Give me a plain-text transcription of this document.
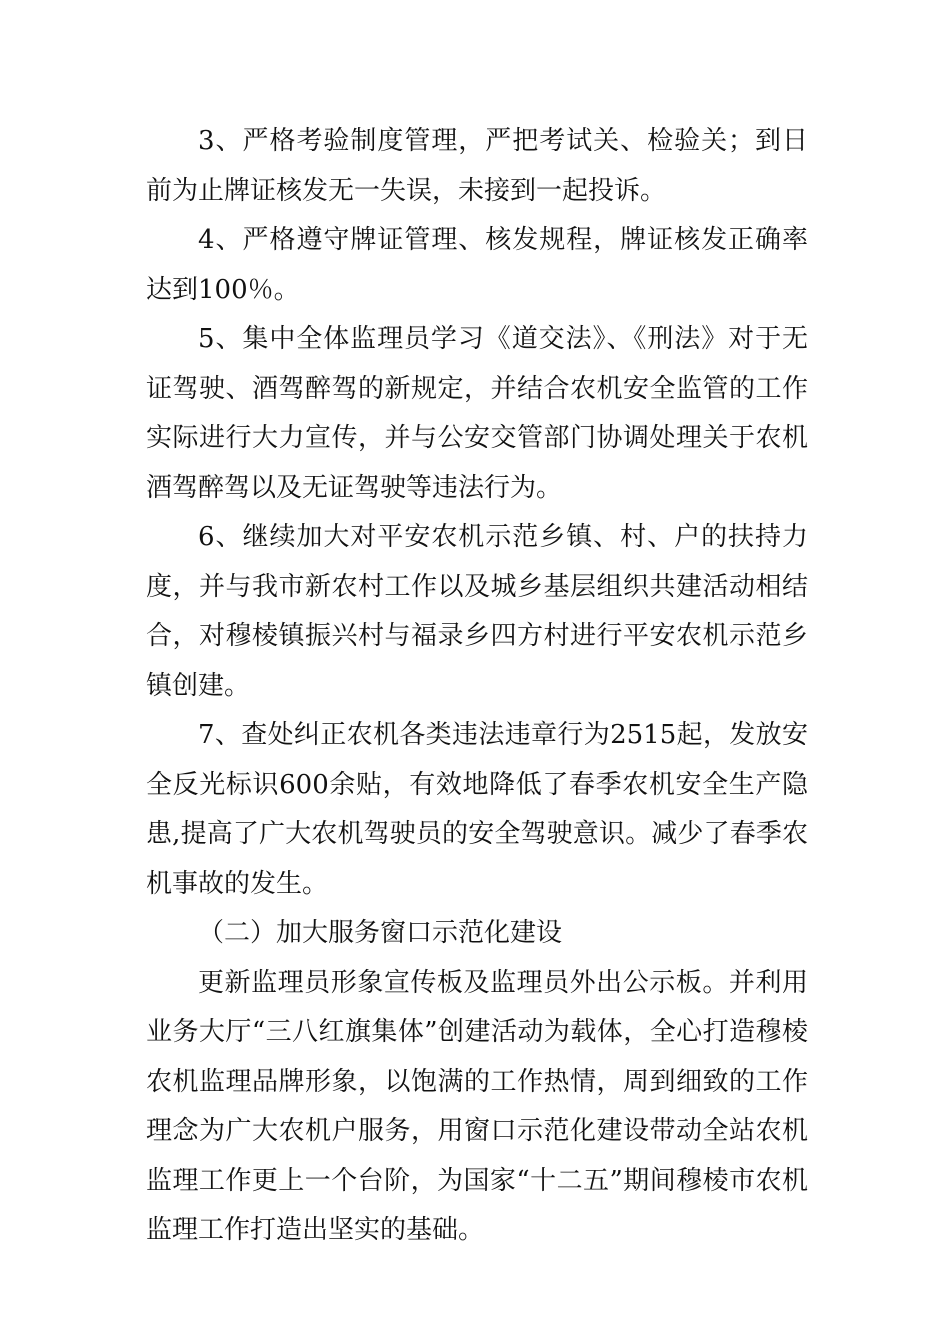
3、严格考验制度管理，严把考试关、检验关；到日前为止牌证核发无一失误，未接到一起投诉。

4、严格遵守牌证管理、核发规程，牌证核发正确率达到100％。

5、集中全体监理员学习《道交法》、《刑法》对于无证驾驶、酒驾醉驾的新规定，并结合农机安全监管的工作实际进行大力宣传，并与公安交管部门协调处理关于农机酒驾醉驾以及无证驾驶等违法行为。

6、继续加大对平安农机示范乡镇、村、户的扶持力度，并与我市新农村工作以及城乡基层组织共建活动相结合，对穆棱镇振兴村与福录乡四方村进行平安农机示范乡镇创建。

7、查处纠正农机各类违法违章行为2515起，发放安全反光标识600余贴，有效地降低了春季农机安全生产隐患,提高了广大农机驾驶员的安全驾驶意识。减少了春季农机事故的发生。

（二）加大服务窗口示范化建设

更新监理员形象宣传板及监理员外出公示板。并利用业务大厅“三八红旗集体”创建活动为载体，全心打造穆棱农机监理品牌形象，以饱满的工作热情，周到细致的工作理念为广大农机户服务，用窗口示范化建设带动全站农机监理工作更上一个台阶，为国家“十二五”期间穆棱市农机监理工作打造出坚实的基础。
